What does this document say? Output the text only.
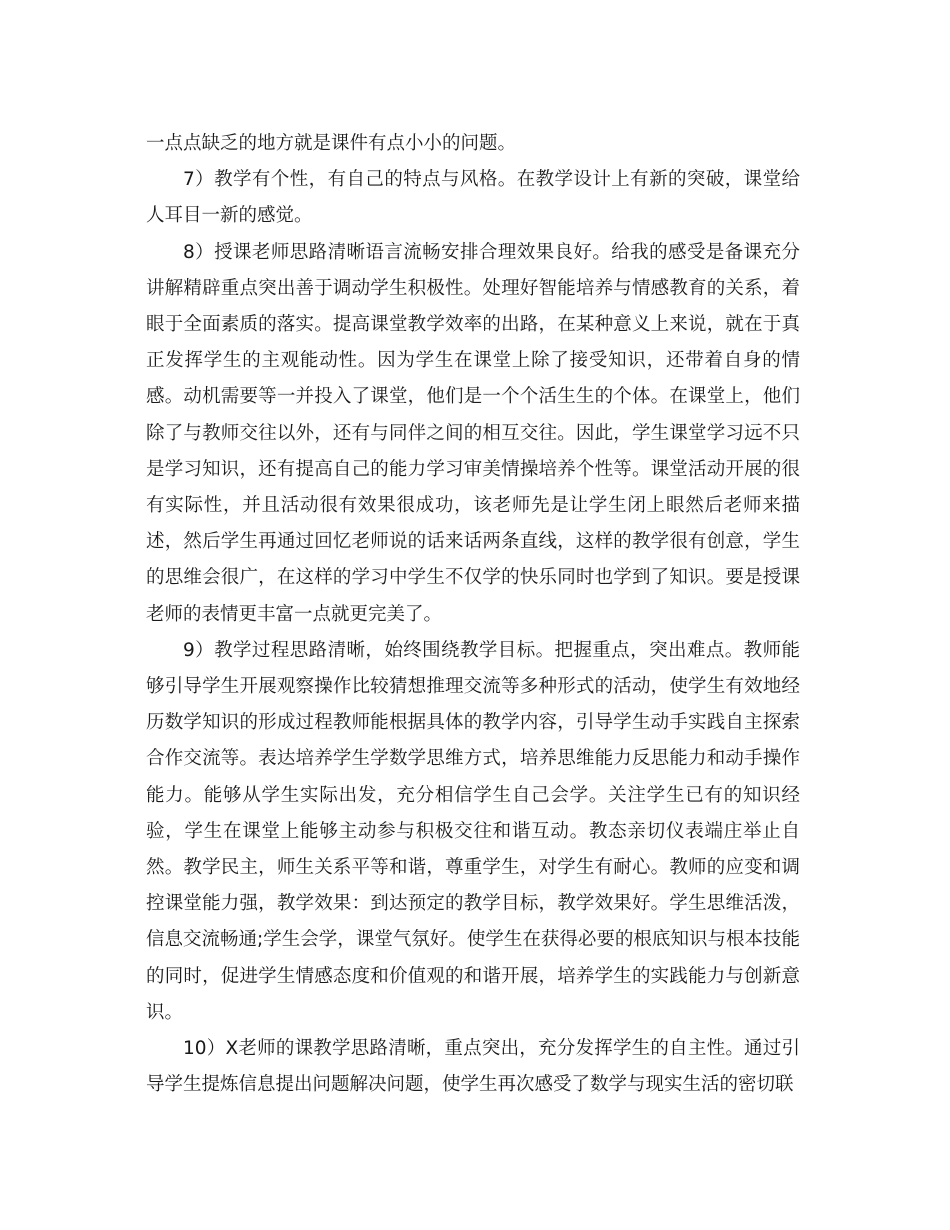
一点点缺乏的地方就是课件有点小小的问题。

7）教学有个性，有自己的特点与风格。在教学设计上有新的突破，课堂给人耳目一新的感觉。

8）授课老师思路清晰语言流畅安排合理效果良好。给我的感受是备课充分讲解精辟重点突出善于调动学生积极性。处理好智能培养与情感教育的关系，着眼于全面素质的落实。提高课堂教学效率的出路，在某种意义上来说，就在于真正发挥学生的主观能动性。因为学生在课堂上除了接受知识，还带着自身的情感。动机需要等一并投入了课堂，他们是一个个活生生的个体。在课堂上，他们除了与教师交往以外，还有与同伴之间的相互交往。因此，学生课堂学习远不只是学习知识，还有提高自己的能力学习审美情操培养个性等。课堂活动开展的很有实际性，并且活动很有效果很成功，该老师先是让学生闭上眼然后老师来描述，然后学生再通过回忆老师说的话来话两条直线，这样的教学很有创意，学生的思维会很广，在这样的学习中学生不仅学的快乐同时也学到了知识。要是授课老师的表情更丰富一点就更完美了。

9）教学过程思路清晰，始终围绕教学目标。把握重点，突出难点。教师能够引导学生开展观察操作比较猜想推理交流等多种形式的活动，使学生有效地经历数学知识的形成过程教师能根据具体的教学内容，引导学生动手实践自主探索合作交流等。表达培养学生学数学思维方式，培养思维能力反思能力和动手操作能力。能够从学生实际出发，充分相信学生自己会学。关注学生已有的知识经验，学生在课堂上能够主动参与积极交往和谐互动。教态亲切仪表端庄举止自然。教学民主，师生关系平等和谐，尊重学生，对学生有耐心。教师的应变和调控课堂能力强，教学效果：到达预定的教学目标，教学效果好。学生思维活泼，信息交流畅通;学生会学，课堂气氛好。使学生在获得必要的根底知识与根本技能的同时，促进学生情感态度和价值观的和谐开展，培养学生的实践能力与创新意识。

10）X老师的课教学思路清晰，重点突出，充分发挥学生的自主性。通过引导学生提炼信息提出问题解决问题，使学生再次感受了数学与现实生活的密切联
